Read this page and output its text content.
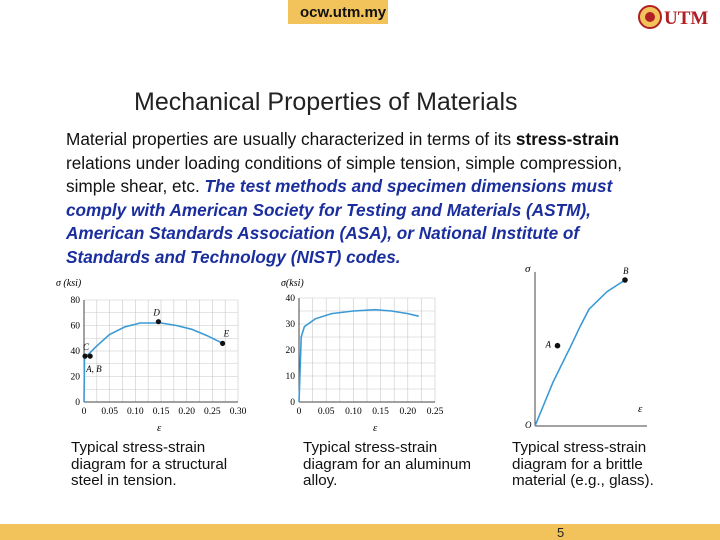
ocw.utm.my	UTM
Mechanical Properties of Materials
Material properties are usually characterized in terms of its stress-strain relations under loading conditions of simple tension, simple compression, simple shear, etc. The test methods and specimen dimensions must comply with American Society for Testing and Materials (ASTM), American Standards Association (ASA), or National Institute of Standards and Technology (NIST) codes.
σ (ksi)
ε
0 0.05 0.10 0.15 0.20 0.25 0.30
0
20
40
60
80
C
A, B
D
E
σ(ksi)
ε
0 0.05 0.10 0.15 0.20 0.25
0
10
20
30
40
σ
ε
O
A
B
Typical stress-strain diagram for a structural steel in tension.
Typical stress-strain diagram for an aluminum alloy.
Typical stress-strain diagram for a brittle material (e.g., glass).
5
